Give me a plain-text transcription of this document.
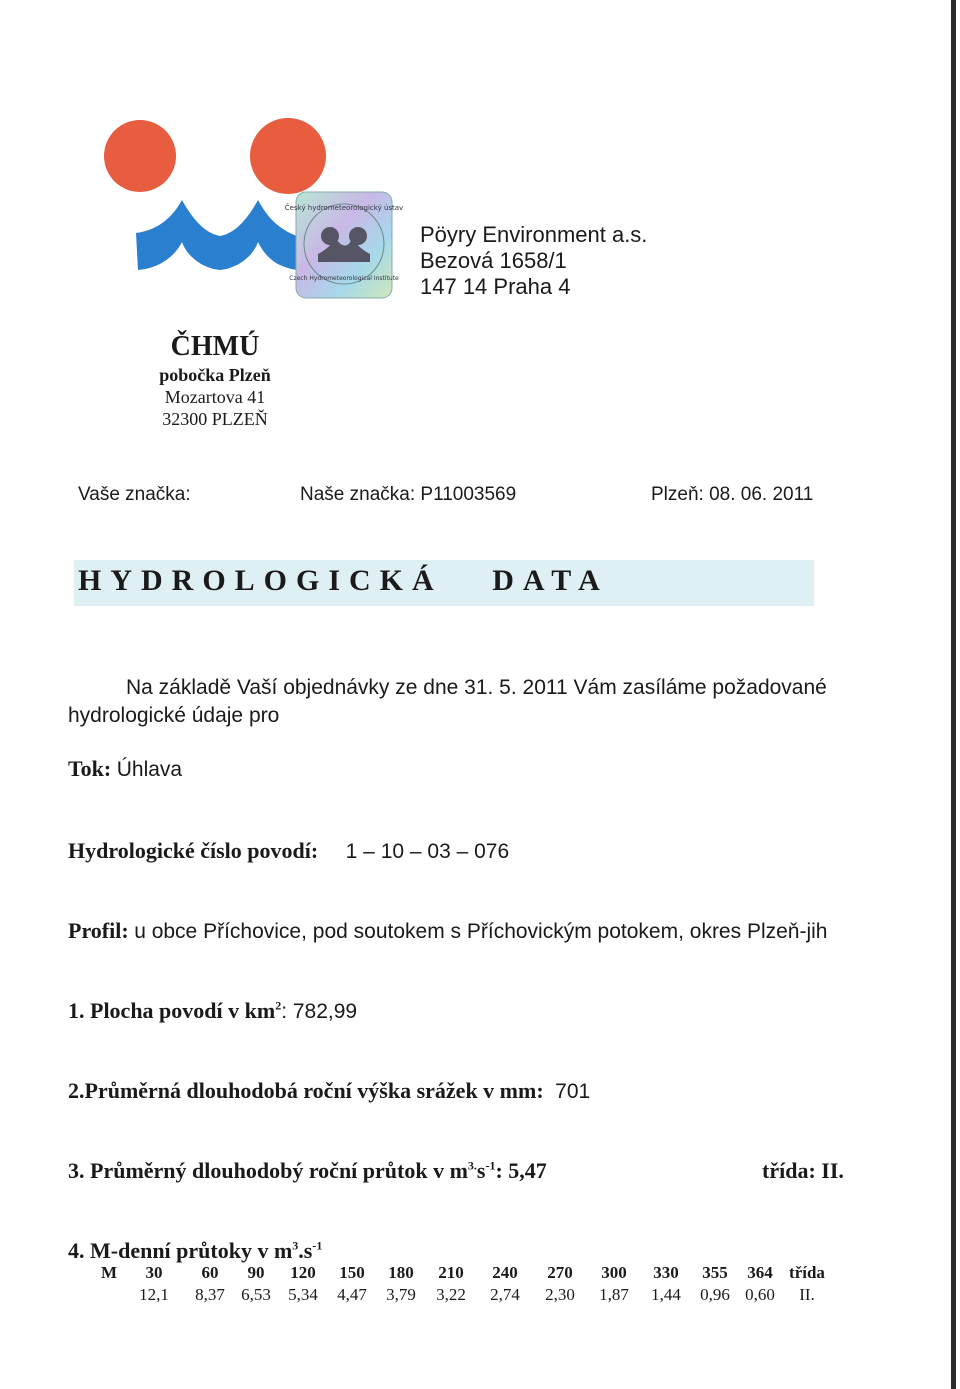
Český hydrometeorologický ústav
Czech Hydrometeorological Institute
Pöyry Environment a.s.
Bezová 1658/1
147 14 Praha 4
ČHMÚ
pobočka Plzeň
Mozartova 41
32300 PLZEŇ
Vaše značka:	Naše značka: P11003569	Plzeň: 08. 06. 2011
HYDROLOGICKÁ DATA
Na základě Vaší objednávky ze dne 31. 5. 2011 Vám zasíláme požadované
hydrologické údaje pro
Tok: Úhlava
Hydrologické číslo povodí: 1 – 10 – 03 – 076
Profil: u obce Příchovice, pod soutokem s Příchovickým potokem, okres Plzeň-jih
1. Plocha povodí v $km^2$: 782,99
2.Průměrná dlouhodobá roční výška srážek v mm: 701
3. Průměrný dlouhodobý roční průtok v $m^{3.}s^{-1}$: 5,47	třída: II.
4. M-denní průtoky v $m^3.s^{-1}$
M	30	60	90	120	150	180	210	240	270	300	330	355	364	třída
	12,1	8,37	6,53	5,34	4,47	3,79	3,22	2,74	2,30	1,87	1,44	0,96	0,60	II.
